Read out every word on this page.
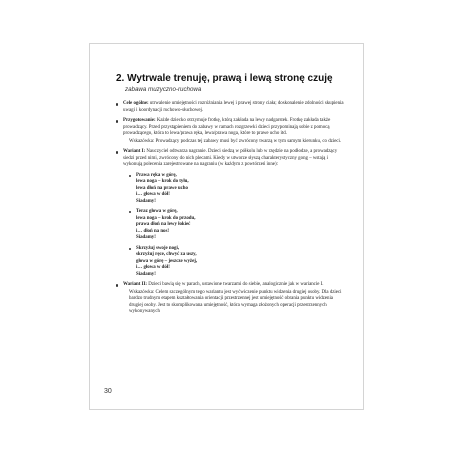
2. Wytrwale trenuję, prawą i lewą stronę czuję
zabawa muzyczno-ruchowa
Cele ogólne: utrwalenie umiejętności rozróżniania lewej i prawej strony ciała; doskonalenie zdolności skupienia uwagi i koordynacji ruchowo-słuchowej.
Przygotowanie: Każde dziecko otrzymuje frotkę, którą zakłada na lewy nadgarstek. Frotkę zakłada także prowadzący. Przed przystąpieniem do zabawy w ramach rozgrzewki dzieci przypominają sobie z pomocą prowadzącego, która to lewa/prawa ręka, lewa/prawa noga, które to prawe ucho itd.
Wskazówka: Prowadzący podczas tej zabawy musi być zwrócony twarzą w tym samym kierunku, co dzieci.
Wariant I: Nauczyciel odtwarza nagranie. Dzieci siedzą w półkolu lub w rzędzie na podłodze, a prowadzący siedzi przed nimi, zwrócony do nich plecami. Kiedy w utworze słyszą charakterystyczny gong – wstają i wykonują polecenia zarejestrowane na nagraniu (w każdym z powtórzeń inne):
Prawa ręka w górę,
lewa noga – krok do tyłu,
lewa dłoń na prawe ucho
i… głowa w dół!
Siadamy!
Teraz głowa w górę,
lewa noga – krok do przodu,
prawa dłoń na lewy łokieć
i… dłoń na nos!
Siadamy!
Skrzyżuj swoje nogi,
skrzyżuj ręce, chwyć za uszy,
głowa w górę – jeszcze wyżej,
i… głowa w dół!
Siadamy!
Wariant II: Dzieci bawią się w parach, ustawione twarzami do siebie, analogicznie jak w wariancie I.
Wskazówka: Celem szczególnym tego wariantu jest wyćwiczenie punktu widzenia drugiej osoby. Dla dzieci bardzo trudnym etapem kształtowania orientacji przestrzennej jest umiejętność obrania punktu widzenia drugiej osoby. Jest to skomplikowana umiejętność, która wymaga złożonych operacji przestrzennych wykonywanych
30
